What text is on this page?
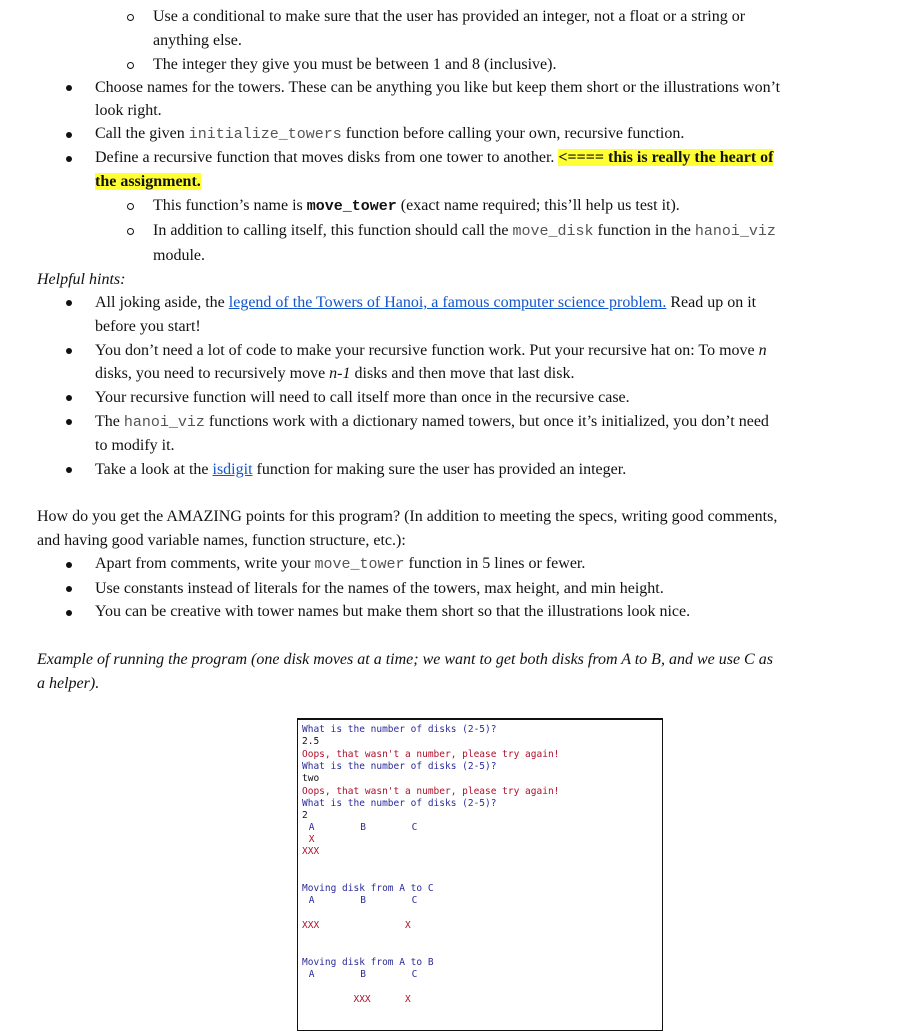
Use a conditional to make sure that the user has provided an integer, not a float or a string or
anything else.
The integer they give you must be between 1 and 8 (inclusive).
Choose names for the towers. These can be anything you like but keep them short or the illustrations won’t
look right.
Call the given initialize_towers function before calling your own, recursive function.
Define a recursive function that moves disks from one tower to another. <==== this is really the heart of
the assignment.
This function’s name is move_tower (exact name required; this’ll help us test it).
In addition to calling itself, this function should call the move_disk function in the hanoi_viz
module.
Helpful hints:
All joking aside, the legend of the Towers of Hanoi, a famous computer science problem. Read up on it
before you start!
You don’t need a lot of code to make your recursive function work. Put your recursive hat on: To move n
disks, you need to recursively move n-1 disks and then move that last disk.
Your recursive function will need to call itself more than once in the recursive case.
The hanoi_viz functions work with a dictionary named towers, but once it’s initialized, you don’t need
to modify it.
Take a look at the isdigit function for making sure the user has provided an integer.
How do you get the AMAZING points for this program? (In addition to meeting the specs, writing good comments,
and having good variable names, function structure, etc.):
Apart from comments, write your move_tower function in 5 lines or fewer.
Use constants instead of literals for the names of the towers, max height, and min height.
You can be creative with tower names but make them short so that the illustrations look nice.
Example of running the program (one disk moves at a time; we want to get both disks from A to B, and we use C as
a helper).
What is the number of disks (2-5)?
2.5
Oops, that wasn't a number, please try again!
What is the number of disks (2-5)?
two
Oops, that wasn't a number, please try again!
What is the number of disks (2-5)?
2
A        B        C
X
XXX
Moving disk from A to C
A        B        C
XXX               X
Moving disk from A to B
A        B        C
XXX      X
